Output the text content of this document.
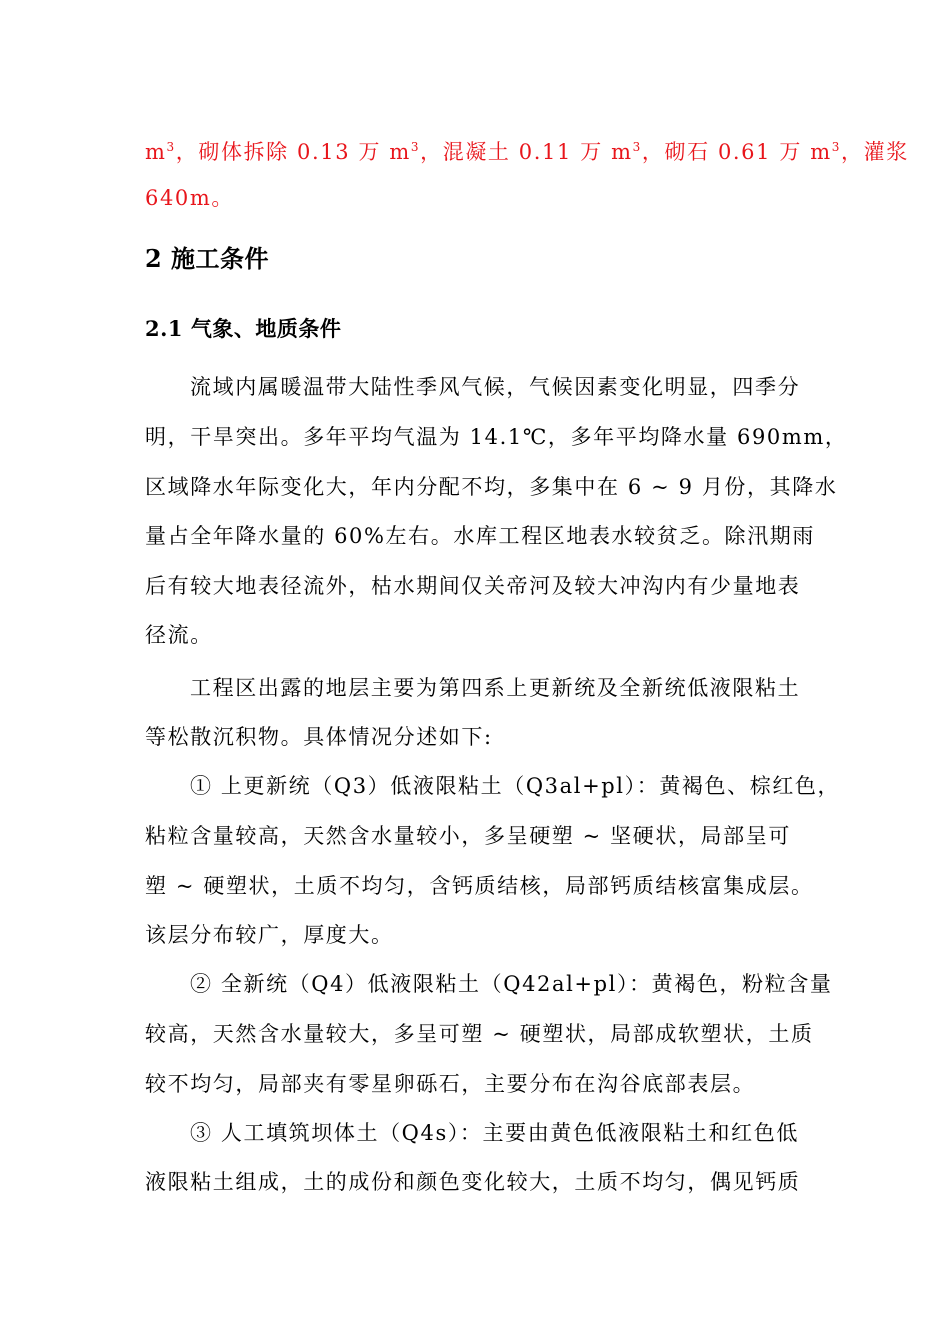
$m^3$，砌体拆除 0.13 万 $m^3$，混凝土 0.11 万 $m^3$，砌石 0.61 万 $m^3$，灌浆
640m。
2 施工条件
2.1 气象、地质条件
流域内属暖温带大陆性季风气候，气候因素变化明显，四季分
明，干旱突出。多年平均气温为 14.1℃，多年平均降水量 690mm，
区域降水年际变化大，年内分配不均，多集中在 6 ~ 9 月份，其降水
量占全年降水量的 60%左右。水库工程区地表水较贫乏。除汛期雨
后有较大地表径流外，枯水期间仅关帝河及较大冲沟内有少量地表
径流。
工程区出露的地层主要为第四系上更新统及全新统低液限粘土
等松散沉积物。具体情况分述如下:
① 上更新统（Q3）低液限粘土（Q3al+pl）：黄褐色、棕红色，
粘粒含量较高，天然含水量较小，多呈硬塑 ~ 坚硬状，局部呈可
塑 ~ 硬塑状，土质不均匀，含钙质结核，局部钙质结核富集成层。
该层分布较广，厚度大。
② 全新统（Q4）低液限粘土（Q42al+pl）：黄褐色，粉粒含量
较高，天然含水量较大，多呈可塑 ~ 硬塑状，局部成软塑状，土质
较不均匀，局部夹有零星卵砾石，主要分布在沟谷底部表层。
③ 人工填筑坝体土（Q4s）：主要由黄色低液限粘土和红色低
液限粘土组成，土的成份和颜色变化较大，土质不均匀，偶见钙质
